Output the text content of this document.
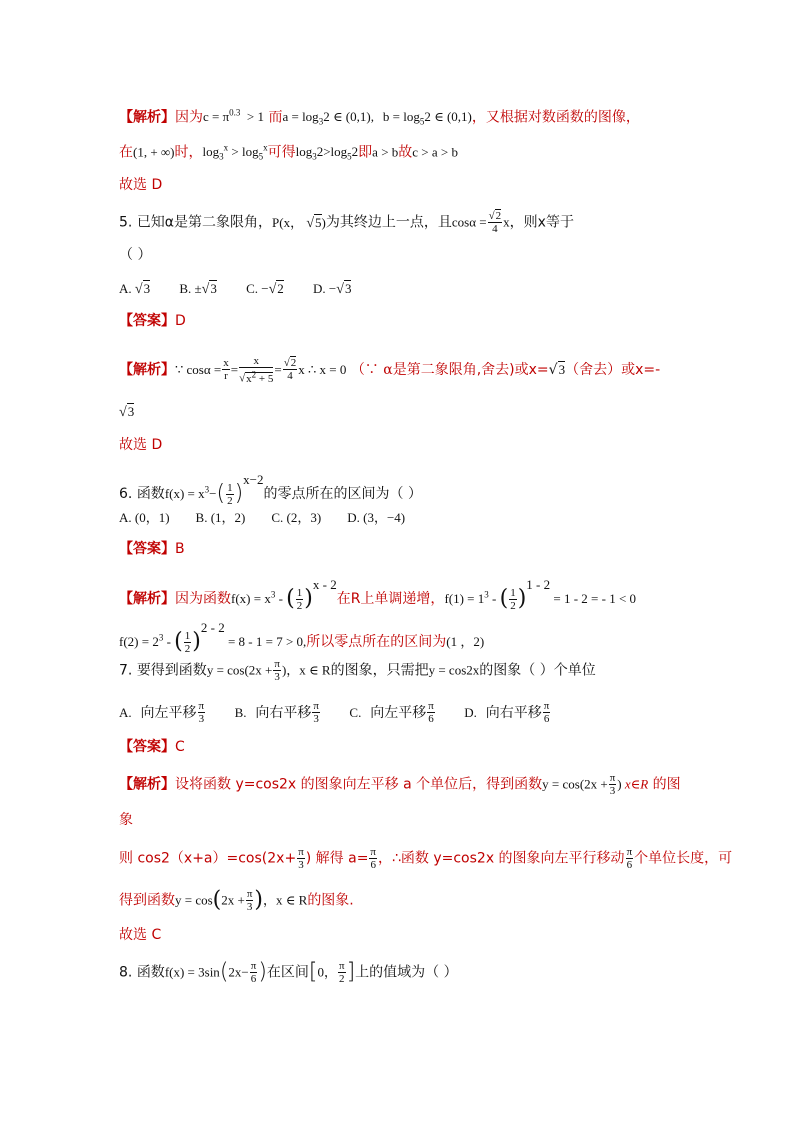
【解析】因为$c = \pi^{0.3} > 1$ 而$a = \log_32$ ∈ (0,1), $b = \log_52$ ∈ (0,1)，又根据对数函数的图像，
在(1, + ∞)时，$\log_3^x > \log_5^x$可得$\log_32>\log_52$即a > b故c > a > b
故选 D
5. 已知α是第二象限角，P(x， √5)为其终边上一点，且$\cos\alpha = \frac{√2}{4}$ x，则x等于
（ ）
A. √3 B. ±√3 C. −√2 D. −√3
【答案】D
【解析】∵ $\cos\alpha = \frac{x}{r} = \frac{x}{√x^2 + 5} = \frac{√2}{4}$ x ∴ x = 0 （∵ α是第二象限角,舍去)或x=√3（舍去）或x=-
√3
故选 D
6. 函数$f(x) = x^3-( \frac{1}{2} )^{x-2}$的零点所在的区间为（ ）
A. (0，1) B. (1，2) C. (2，3) D. (3，−4)
【答案】B
【解析】因为函数$f(x) = x^3$ - ( $\frac{1}{2} )^{x - 2}$在R上单调递增，$f(1) = 1^3$ - ( $\frac{1}{2} )^{1 - 2} = 1 - 2$ = - 1 < 0
$f(2) = 2^3$ - ( $\frac{1}{2} )^{2 - 2} = 8 - 1 = 7 > 0$,所以零点所在的区间为(1 ，2)
7. 要得到函数$y = \cos(2x + \frac{\pi}{3}$ )，x ∈ R的图象，只需把y = cos2x的图象（ ）个单位
A. 向左平移 $\frac{\pi}{3} B$. 向右平移 $\frac{\pi}{3} C$. 向左平移 $\frac{\pi}{6} D$. 向右平移 $\frac{\pi}{6}$
【答案】C
【解析】设将函数 y=cos2x 的图象向左平移 a 个单位后，得到函数$y = \cos(2x + \frac{\pi}{3}$ ) x∈R 的图
象
则 $\cos 2(x+a)=\cos(2x+ \frac{\pi}{3}$ ) 解得 $a= \frac{\pi}{6}$ ，∴函数 y=cos2x 的图象向左平行移动 $\frac{\pi}{6}$ 个单位长度，可
得到函数$y = \cos(2x + \frac{\pi}{3}$ )，x ∈ R的图象.
故选 C
8. 函数$f(x) = 3\sin(2x- \frac{\pi}{6}$ )在区间[0， $\frac{\pi}{2}$ ]上的值域为（ ）
